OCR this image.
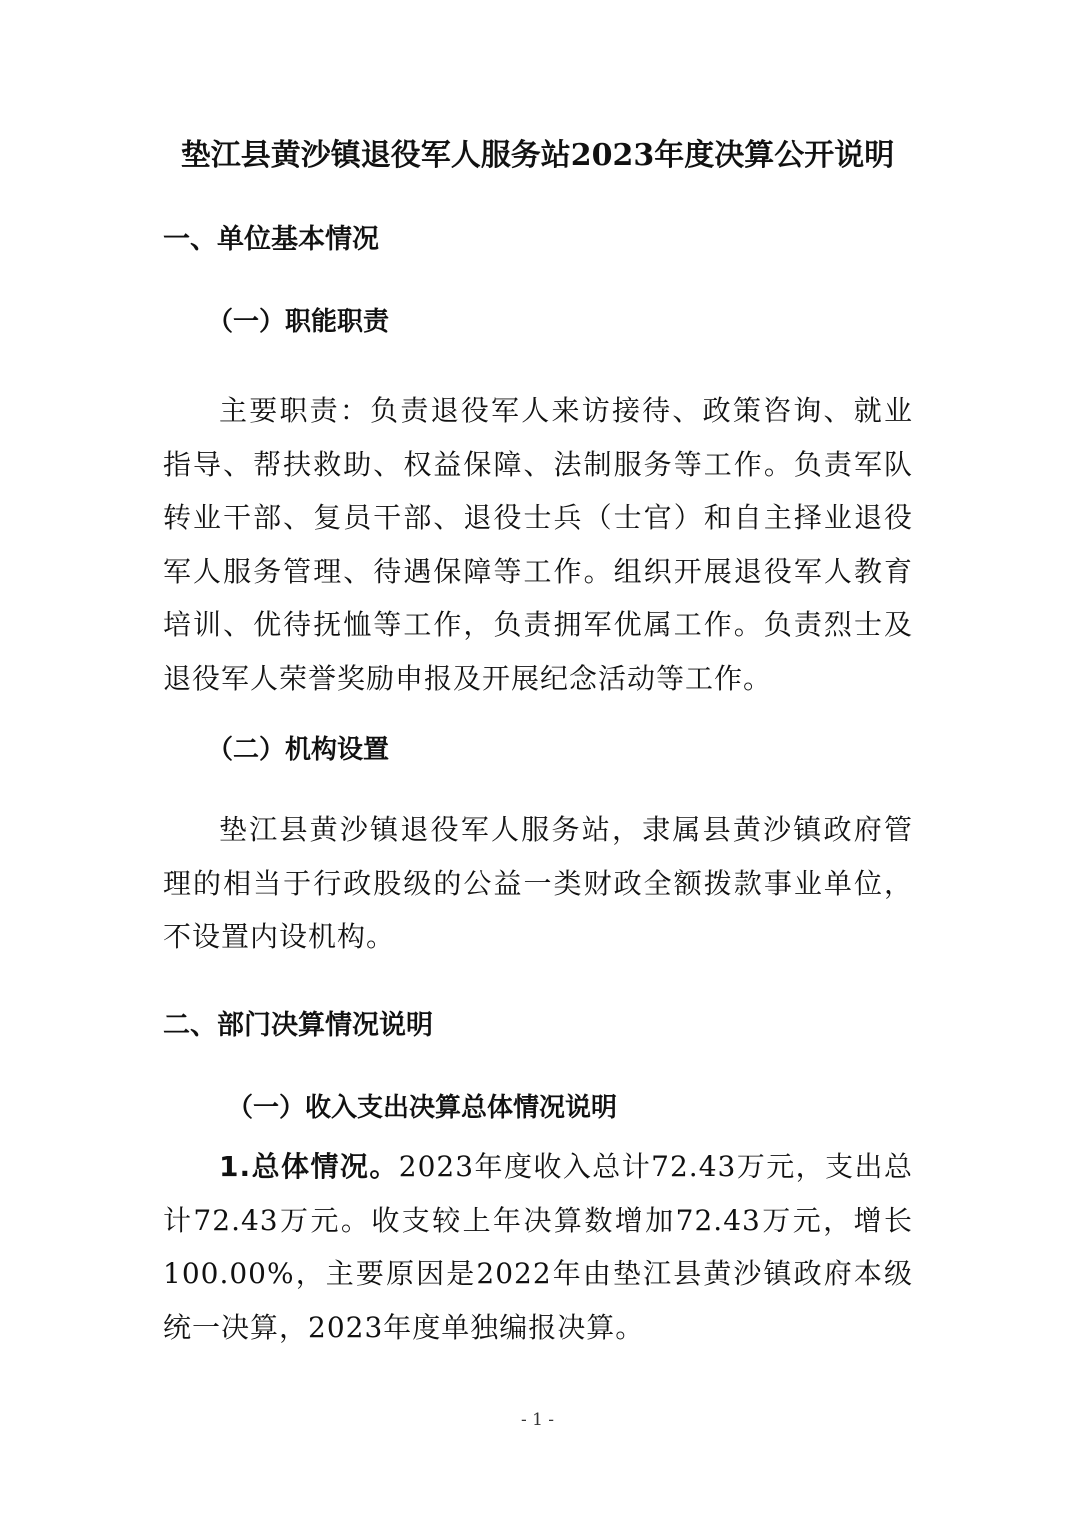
垫江县黄沙镇退役军人服务站2023年度决算公开说明
一、单位基本情况
（一）职能职责
主要职责：负责退役军人来访接待、政策咨询、就业指导、帮扶救助、权益保障、法制服务等工作。负责军队转业干部、复员干部、退役士兵（士官）和自主择业退役军人服务管理、待遇保障等工作。组织开展退役军人教育培训、优待抚恤等工作，负责拥军优属工作。负责烈士及退役军人荣誉奖励申报及开展纪念活动等工作。
（二）机构设置
垫江县黄沙镇退役军人服务站，隶属县黄沙镇政府管理的相当于行政股级的公益一类财政全额拨款事业单位，不设置内设机构。
二、部门决算情况说明
（一）收入支出决算总体情况说明
1.总体情况。2023年度收入总计72.43万元，支出总计72.43万元。收支较上年决算数增加72.43万元，增长100.00%，主要原因是2022年由垫江县黄沙镇政府本级统一决算，2023年度单独编报决算。
- 1 -
